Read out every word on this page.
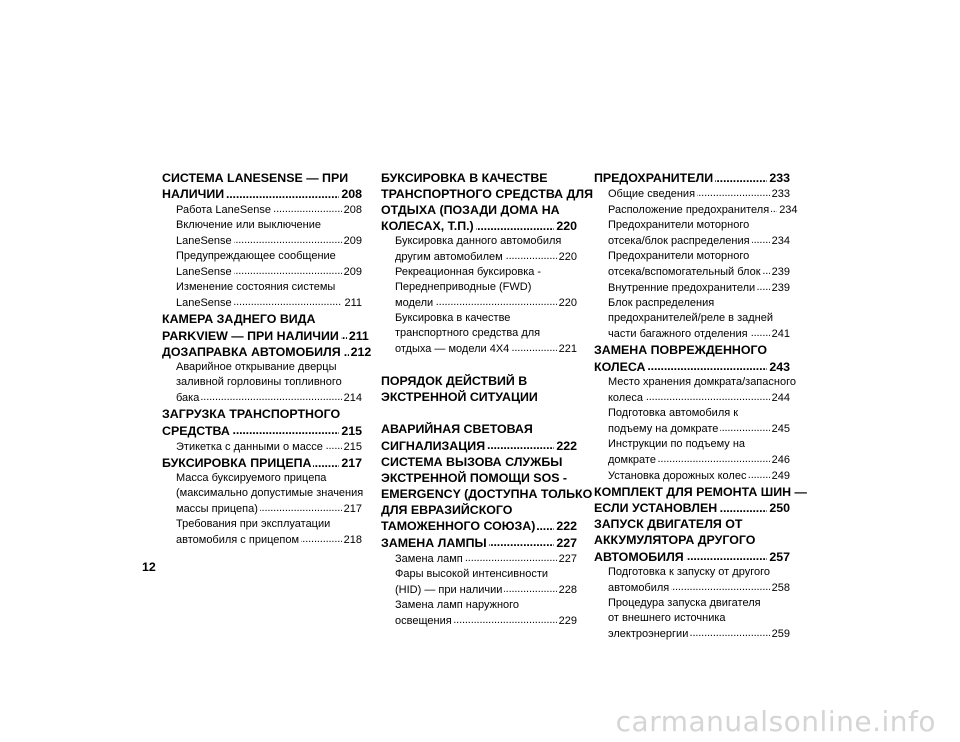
СИСТЕМА LANESENSE — ПРИ
НАЛИЧИИ . . .	208
Работа LaneSense . . .	208
Включение или выключение
LaneSense . . .	209
Предупреждающее сообщение
LaneSense . . .	209
Изменение состояния системы
LaneSense . . .	211
КАМЕРА ЗАДНЕГО ВИДА
PARKVIEW — ПРИ НАЛИЧИИ . . . 211
ДОЗАПРАВКА АВТОМОБИЛЯ . . . 212
Аварийное открывание дверцы
заливной горловины топливного
бака . . .	214
ЗАГРУЗКА ТРАНСПОРТНОГО
СРЕДСТВА . . .	215
Этикетка с данными о массе . . . 215
БУКСИРОВКА ПРИЦЕПА . . . 217
Масса буксируемого прицепа
(максимально допустимые значения
массы прицепа) . . .	217
Требования при эксплуатации
автомобиля с прицепом . . .	218
БУКСИРОВКА В КАЧЕСТВЕ
ТРАНСПОРТНОГО СРЕДСТВА ДЛЯ
ОТДЫХА (ПОЗАДИ ДОМА НА
КОЛЕСАХ, Т.П.) . . .	220
Буксировка данного автомобиля
другим автомобилем . . .	220
Рекреационная буксировка -
Переднеприводные (FWD)
модели . . .	220
Буксировка в качестве
транспортного средства для
отдыха — модели 4X4 . . .	221
ПОРЯДОК ДЕЙСТВИЙ В
ЭКСТРЕННОЙ СИТУАЦИИ
АВАРИЙНАЯ СВЕТОВАЯ
СИГНАЛИЗАЦИЯ . . .	222
СИСТЕМА ВЫЗОВА СЛУЖБЫ
ЭКСТРЕННОЙ ПОМОЩИ SOS -
EMERGENCY (ДОСТУПНА ТОЛЬКО
ДЛЯ ЕВРАЗИЙСКОГО
ТАМОЖЕННОГО СОЮЗА) . . . 222
ЗАМЕНА ЛАМПЫ . . .	227
Замена ламп . . .	227
Фары высокой интенсивности
(HID) — при наличии . . .	228
Замена ламп наружного
освещения . . .	229
ПРЕДОХРАНИТЕЛИ . . .	233
Общие сведения . . .	233
Расположение предохранителя . . . 234
Предохранители моторного
отсека/блок распределения . . . 234
Предохранители моторного
отсека/вспомогательный блок . . . 239
Внутренние предохранители . . . 239
Блок распределения
предохранителей/реле в задней
части багажного отделения . . . 241
ЗАМЕНА ПОВРЕЖДЕННОГО
КОЛЕСА . . .	243
Место хранения домкрата/запасного
колеса . . .	244
Подготовка автомобиля к
подъему на домкрате . . .	245
Инструкции по подъему на
домкрате . . .	246
Установка дорожных колес . . . 249
КОМПЛЕКТ ДЛЯ РЕМОНТА ШИН —
ЕСЛИ УСТАНОВЛЕН . . .	250
ЗАПУСК ДВИГАТЕЛЯ ОТ
АККУМУЛЯТОРА ДРУГОГО
АВТОМОБИЛЯ . . .	257
Подготовка к запуску от другого
автомобиля . . .	258
Процедура запуска двигателя
от внешнего источника
электроэнергии . . .	259
12
carmanualsonline.info
